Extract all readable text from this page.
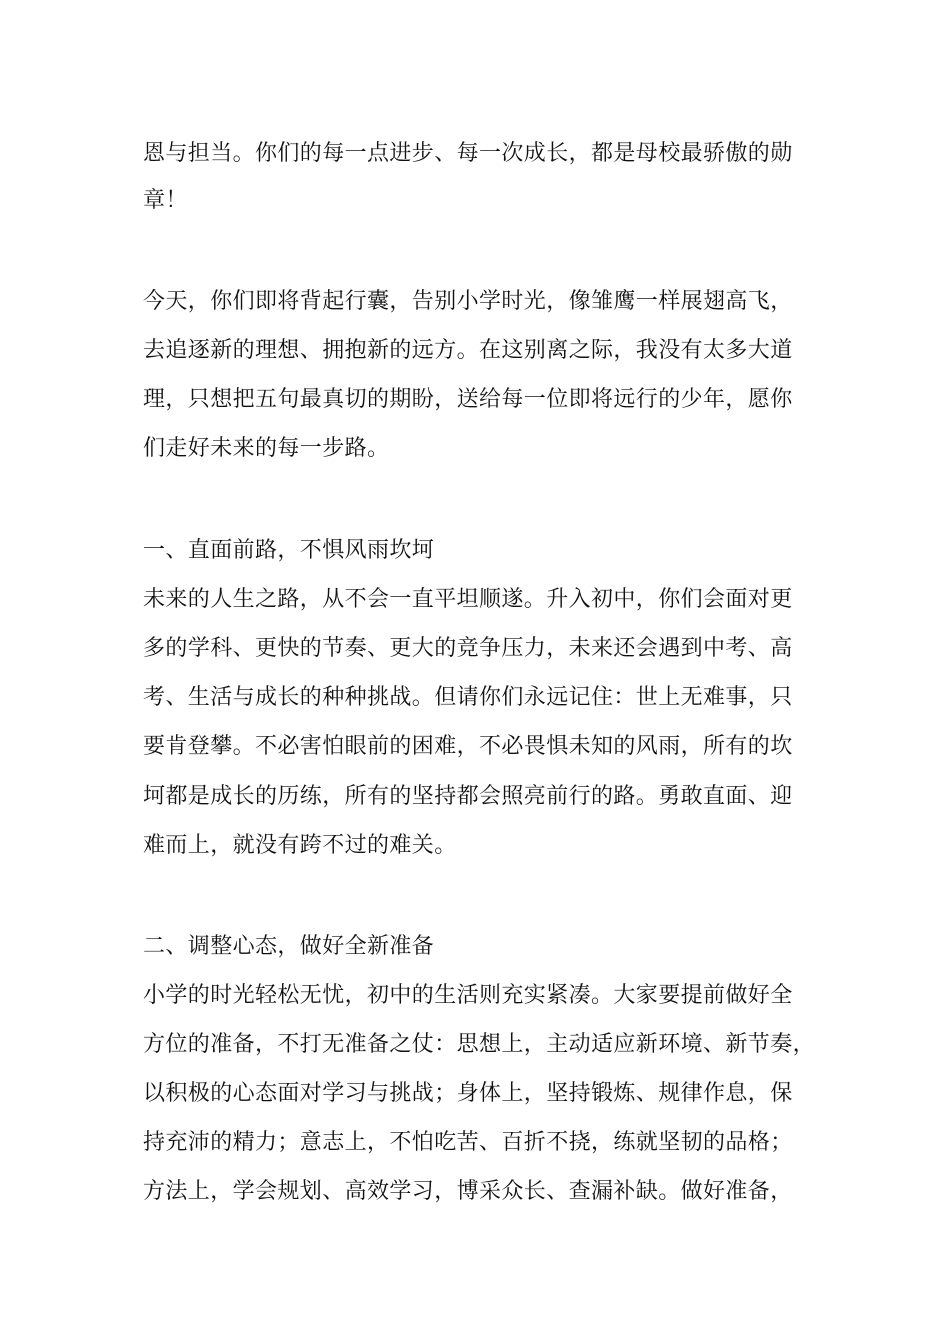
恩与担当。你们的每一点进步、每一次成长，都是母校最骄傲的勋
章！
今天，你们即将背起行囊，告别小学时光，像雏鹰一样展翅高飞，
去追逐新的理想、拥抱新的远方。在这别离之际，我没有太多大道
理，只想把五句最真切的期盼，送给每一位即将远行的少年，愿你
们走好未来的每一步路。
一、直面前路，不惧风雨坎坷
未来的人生之路，从不会一直平坦顺遂。升入初中，你们会面对更
多的学科、更快的节奏、更大的竞争压力，未来还会遇到中考、高
考、生活与成长的种种挑战。但请你们永远记住：世上无难事，只
要肯登攀。不必害怕眼前的困难，不必畏惧未知的风雨，所有的坎
坷都是成长的历练，所有的坚持都会照亮前行的路。勇敢直面、迎
难而上，就没有跨不过的难关。
二、调整心态，做好全新准备
小学的时光轻松无忧，初中的生活则充实紧凑。大家要提前做好全
方位的准备，不打无准备之仗：思想上，主动适应新环境、新节奏，
以积极的心态面对学习与挑战；身体上，坚持锻炼、规律作息，保
持充沛的精力；意志上，不怕吃苦、百折不挠，练就坚韧的品格；
方法上，学会规划、高效学习，博采众长、查漏补缺。做好准备，
